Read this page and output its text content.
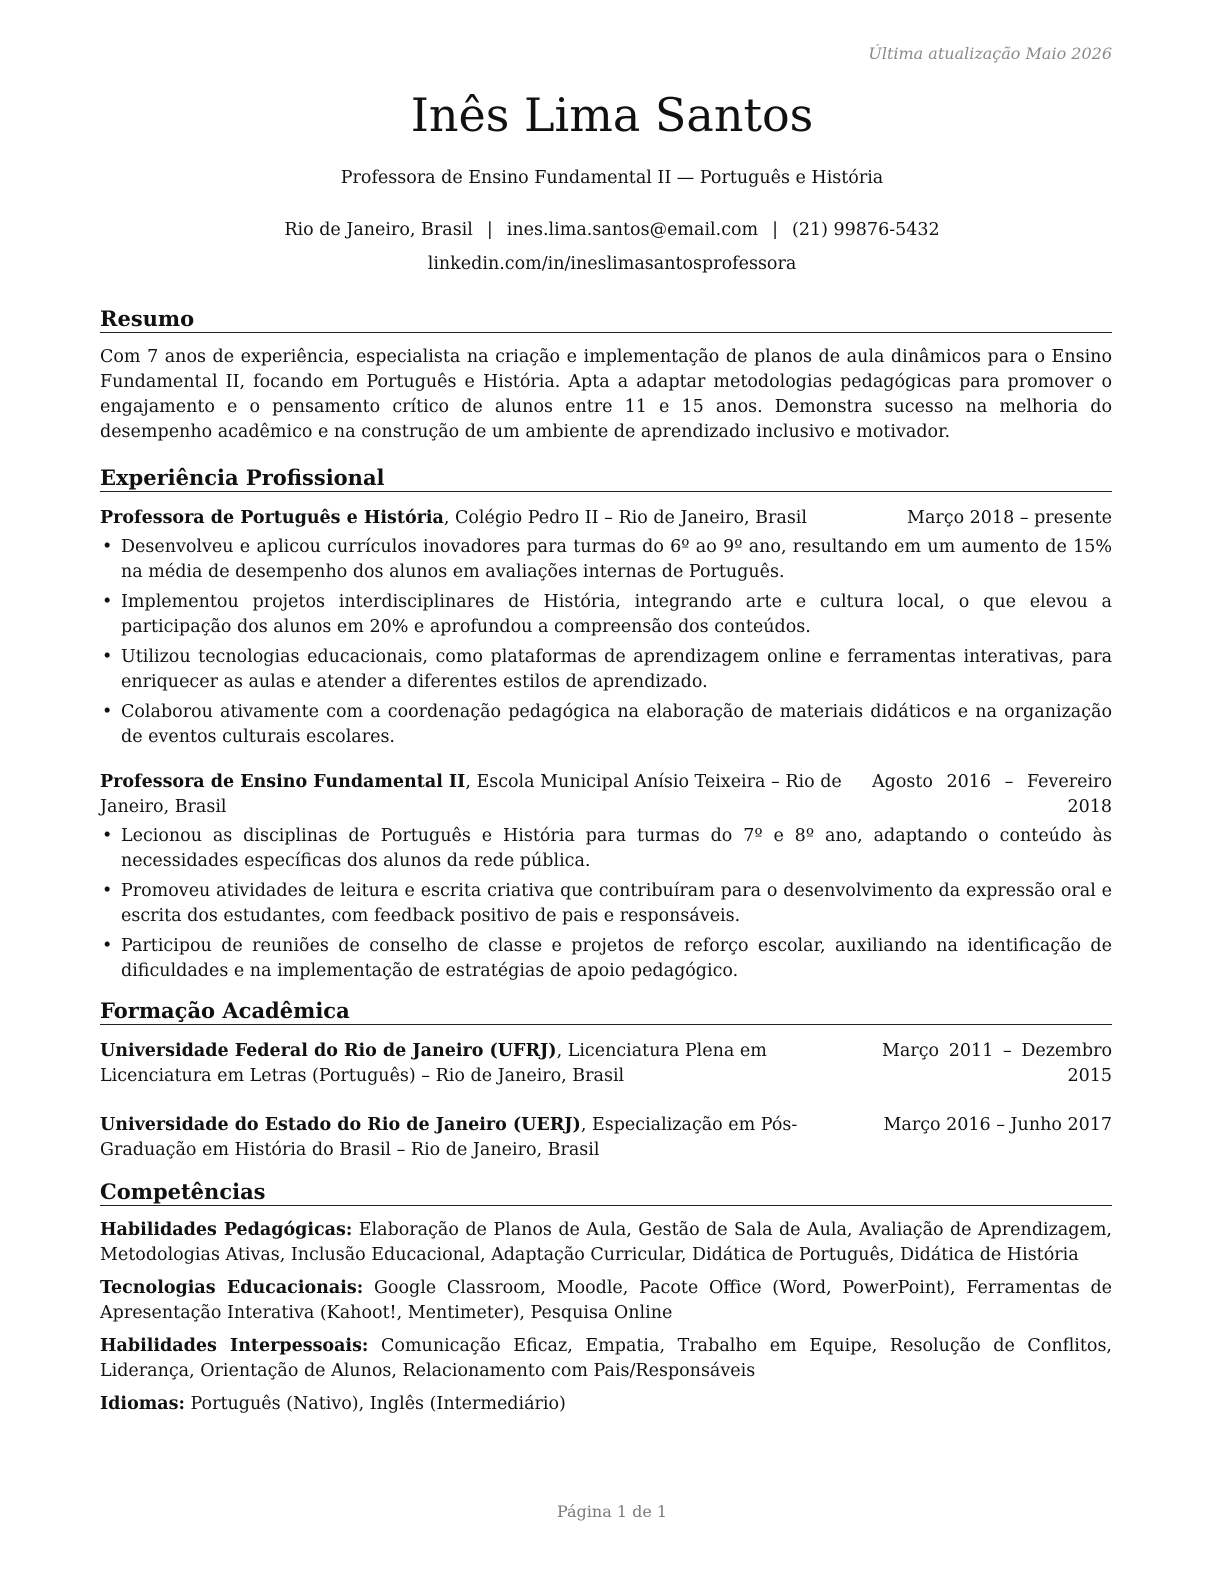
Última atualização Maio 2026
Inês Lima Santos
Professora de Ensino Fundamental II — Português e História
Rio de Janeiro, Brasil | ines.lima.santos@email.com | (21) 99876-5432
linkedin.com/in/ineslimasantosprofessora
Resumo

Com 7 anos de experiência, especialista na criação e implementação de planos de aula dinâmicos para o Ensino Fundamental II, focando em Português e História. Apta a adaptar metodologias pedagógicas para promover o engajamento e o pensamento crítico de alunos entre 11 e 15 anos. Demonstra sucesso na melhoria do desempenho acadêmico e na construção de um ambiente de aprendizado inclusivo e motivador.

Experiência Profissional
Professora de Português e História, Colégio Pedro II – Rio de Janeiro, Brasil	Março 2018 – presente
• Desenvolveu e aplicou currículos inovadores para turmas do 6º ao 9º ano, resultando em um aumento de 15% na média de desempenho dos alunos em avaliações internas de Português.
• Implementou projetos interdisciplinares de História, integrando arte e cultura local, o que elevou a participação dos alunos em 20% e aprofundou a compreensão dos conteúdos.
• Utilizou tecnologias educacionais, como plataformas de aprendizagem online e ferramentas interativas, para enriquecer as aulas e atender a diferentes estilos de aprendizado.
• Colaborou ativamente com a coordenação pedagógica na elaboração de materiais didáticos e na organização de eventos culturais escolares.
Professora de Ensino Fundamental II, Escola Municipal Anísio Teixeira – Rio de Janeiro, Brasil
Agosto 2016 – Fevereiro 2018
• Lecionou as disciplinas de Português e História para turmas do 7º e 8º ano, adaptando o conteúdo às necessidades específicas dos alunos da rede pública.
• Promoveu atividades de leitura e escrita criativa que contribuíram para o desenvolvimento da expressão oral e escrita dos estudantes, com feedback positivo de pais e responsáveis.
• Participou de reuniões de conselho de classe e projetos de reforço escolar, auxiliando na identificação de dificuldades e na implementação de estratégias de apoio pedagógico.
Formação Acadêmica
Universidade Federal do Rio de Janeiro (UFRJ), Licenciatura Plena em Licenciatura em Letras (Português) – Rio de Janeiro, Brasil
Março 2011 – Dezembro 2015
Universidade do Estado do Rio de Janeiro (UERJ), Especialização em Pós-Graduação em História do Brasil – Rio de Janeiro, Brasil
Março 2016 – Junho 2017
Competências
Habilidades Pedagógicas: Elaboração de Planos de Aula, Gestão de Sala de Aula, Avaliação de Aprendizagem, Metodologias Ativas, Inclusão Educacional, Adaptação Curricular, Didática de Português, Didática de História
Tecnologias Educacionais: Google Classroom, Moodle, Pacote Office (Word, PowerPoint), Ferramentas de Apresentação Interativa (Kahoot!, Mentimeter), Pesquisa Online
Habilidades Interpessoais: Comunicação Eficaz, Empatia, Trabalho em Equipe, Resolução de Conflitos, Liderança, Orientação de Alunos, Relacionamento com Pais/Responsáveis
Idiomas: Português (Nativo), Inglês (Intermediário)
Página 1 de 1
